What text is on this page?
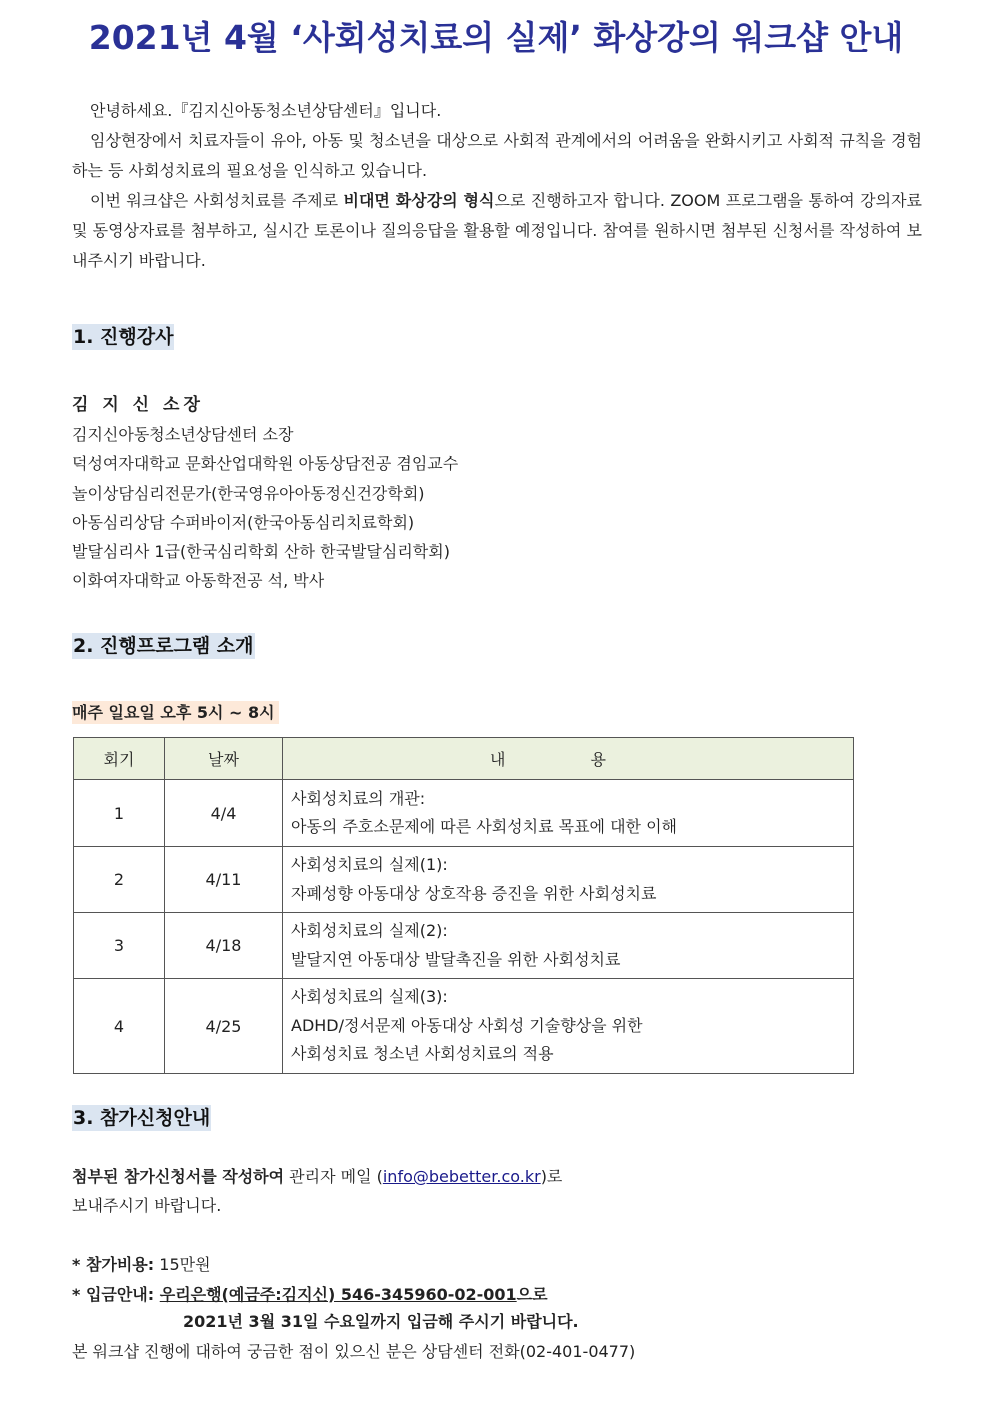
2021년 4월 ‘사회성치료의 실제’ 화상강의 워크샵 안내

안녕하세요.『김지신아동청소년상담센터』입니다.

임상현장에서 치료자들이 유아, 아동 및 청소년을 대상으로 사회적 관계에서의 어려움을 완화시키고 사회적 규칙을 경험하는 등 사회성치료의 필요성을 인식하고 있습니다.

이번 워크샵은 사회성치료를 주제로 비대면 화상강의 형식으로 진행하고자 합니다. ZOOM 프로그램을 통하여 강의자료 및 동영상자료를 첨부하고, 실시간 토론이나 질의응답을 활용할 예정입니다. 참여를 원하시면 첨부된 신청서를 작성하여 보내주시기 바랍니다.

1. 진행강사
김 지 신 소장
김지신아동청소년상담센터 소장
덕성여자대학교 문화산업대학원 아동상담전공 겸임교수
놀이상담심리전문가(한국영유아아동정신건강학회)
아동심리상담 수퍼바이저(한국아동심리치료학회)
발달심리사 1급(한국심리학회 산하 한국발달심리학회)
이화여자대학교 아동학전공 석, 박사
2. 진행프로그램 소개
매주 일요일 오후 5시 ~ 8시
회기	날짜	내 용
1	4/4	사회성치료의 개관:
아동의 주호소문제에 따른 사회성치료 목표에 대한 이해

2	4/11	사회성치료의 실제(1):
자폐성향 아동대상 상호작용 증진을 위한 사회성치료

3	4/18	사회성치료의 실제(2):
발달지연 아동대상 발달촉진을 위한 사회성치료

4	4/25	사회성치료의 실제(3):
ADHD/정서문제 아동대상 사회성 기술향상을 위한
사회성치료 청소년 사회성치료의 적용
3. 참가신청안내
첨부된 참가신청서를 작성하여 관리자 메일 (info@bebetter.co.kr)로
보내주시기 바랍니다.
* 참가비용: 15만원
* 입금안내: 우리은행(예금주:김지신) 546-345960-02-001으로
2021년 3월 31일 수요일까지 입금해 주시기 바랍니다.
본 워크샵 진행에 대하여 궁금한 점이 있으신 분은 상담센터 전화(02-401-0477)
